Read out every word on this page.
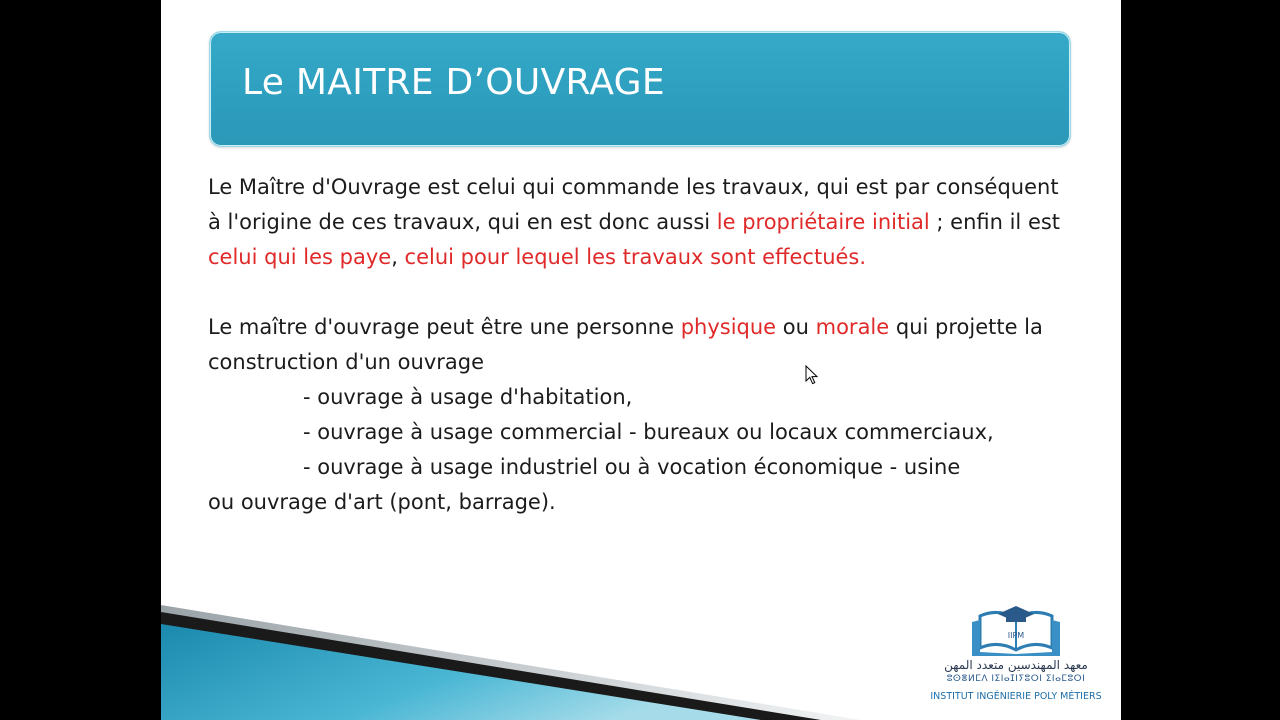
Le MAITRE D’OUVRAGE

Le Maître d'Ouvrage est celui qui commande les travaux, qui est par conséquent à l'origine de ces travaux, qui en est donc aussi le propriétaire initial ; enfin il est celui qui les paye, celui pour lequel les travaux sont effectués.

Le maître d'ouvrage peut être une personne physique ou morale qui projette la construction d'un ouvrage
- ouvrage à usage d'habitation,
- ouvrage à usage commercial - bureaux ou locaux commerciaux,
- ouvrage à usage industriel ou à vocation économique - usine
ou ouvrage d'art (pont, barrage).

IIPM
معهد المهندسين متعدد المهن
ⵓⵙⴻⵍⵎⴷ ⵏⵉⵏⴰⵊⵏⵢⵓⵔⵏ ⵉⵏⴰⵎⵓⵔⵏ
INSTITUT INGÉNIERIE POLY MÉTIERS
